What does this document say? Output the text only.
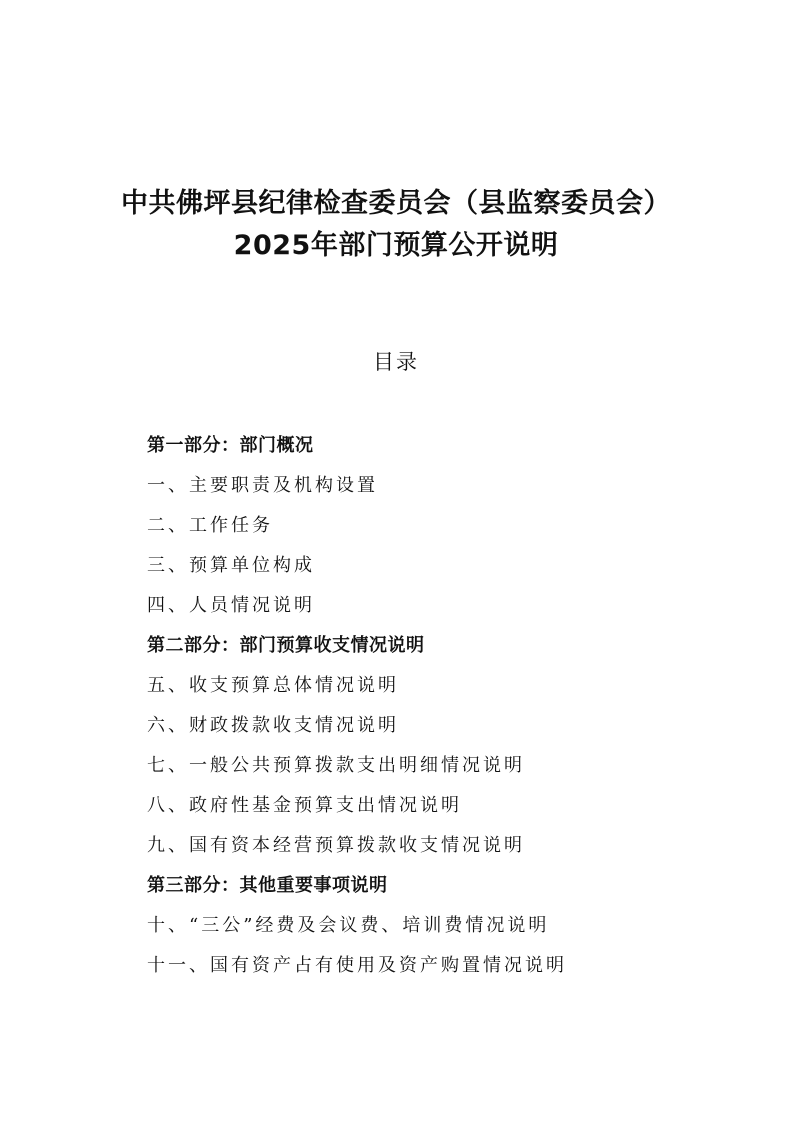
中共佛坪县纪律检查委员会（县监察委员会）
2025年部门预算公开说明
目录
第一部分：部门概况
一、主要职责及机构设置
二、工作任务
三、预算单位构成
四、人员情况说明
第二部分：部门预算收支情况说明
五、收支预算总体情况说明
六、财政拨款收支情况说明
七、一般公共预算拨款支出明细情况说明
八、政府性基金预算支出情况说明
九、国有资本经营预算拨款收支情况说明
第三部分：其他重要事项说明
十、“三公”经费及会议费、培训费情况说明
十一、国有资产占有使用及资产购置情况说明
